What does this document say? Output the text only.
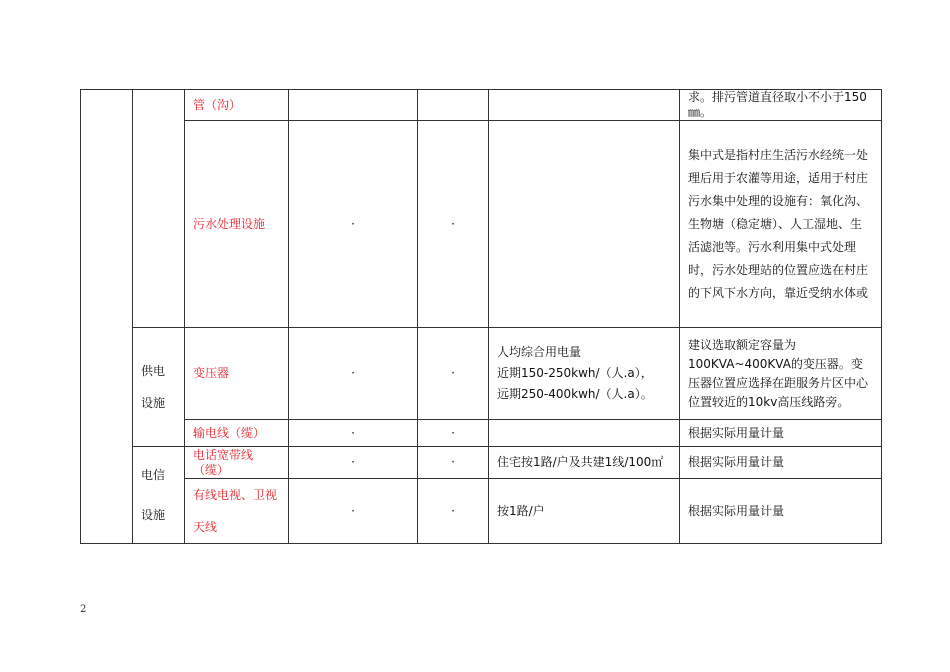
		管（沟）				求。排污管道直径取小不小于150㎜。
		污水处理设施	·	·		集中式是指村庄生活污水经统一处理后用于农灌等用途，适用于村庄污水集中处理的设施有：氧化沟、生物塘（稳定塘）、人工湿地、生活滤池等。污水利用集中式处理时，污水处理站的位置应选在村庄的下风下水方向，靠近受纳水体或
	供电设施	变压器	·	·	人均综合用电量

近期150-250kwh/（人.a），

远期250-400kwh/（人.a）。	建议选取额定容量为100KVA~400KVA的变压器。变压器位置应选择在距服务片区中心位置较近的10kv高压线路旁。
		输电线（缆）	·	·		根据实际用量计量
	电信设施	电话宽带线（缆）	·	·	住宅按1路/户及共建1线/100㎡	根据实际用量计量
		有线电视、卫视天线	·	·	按1路/户	根据实际用量计量
2
